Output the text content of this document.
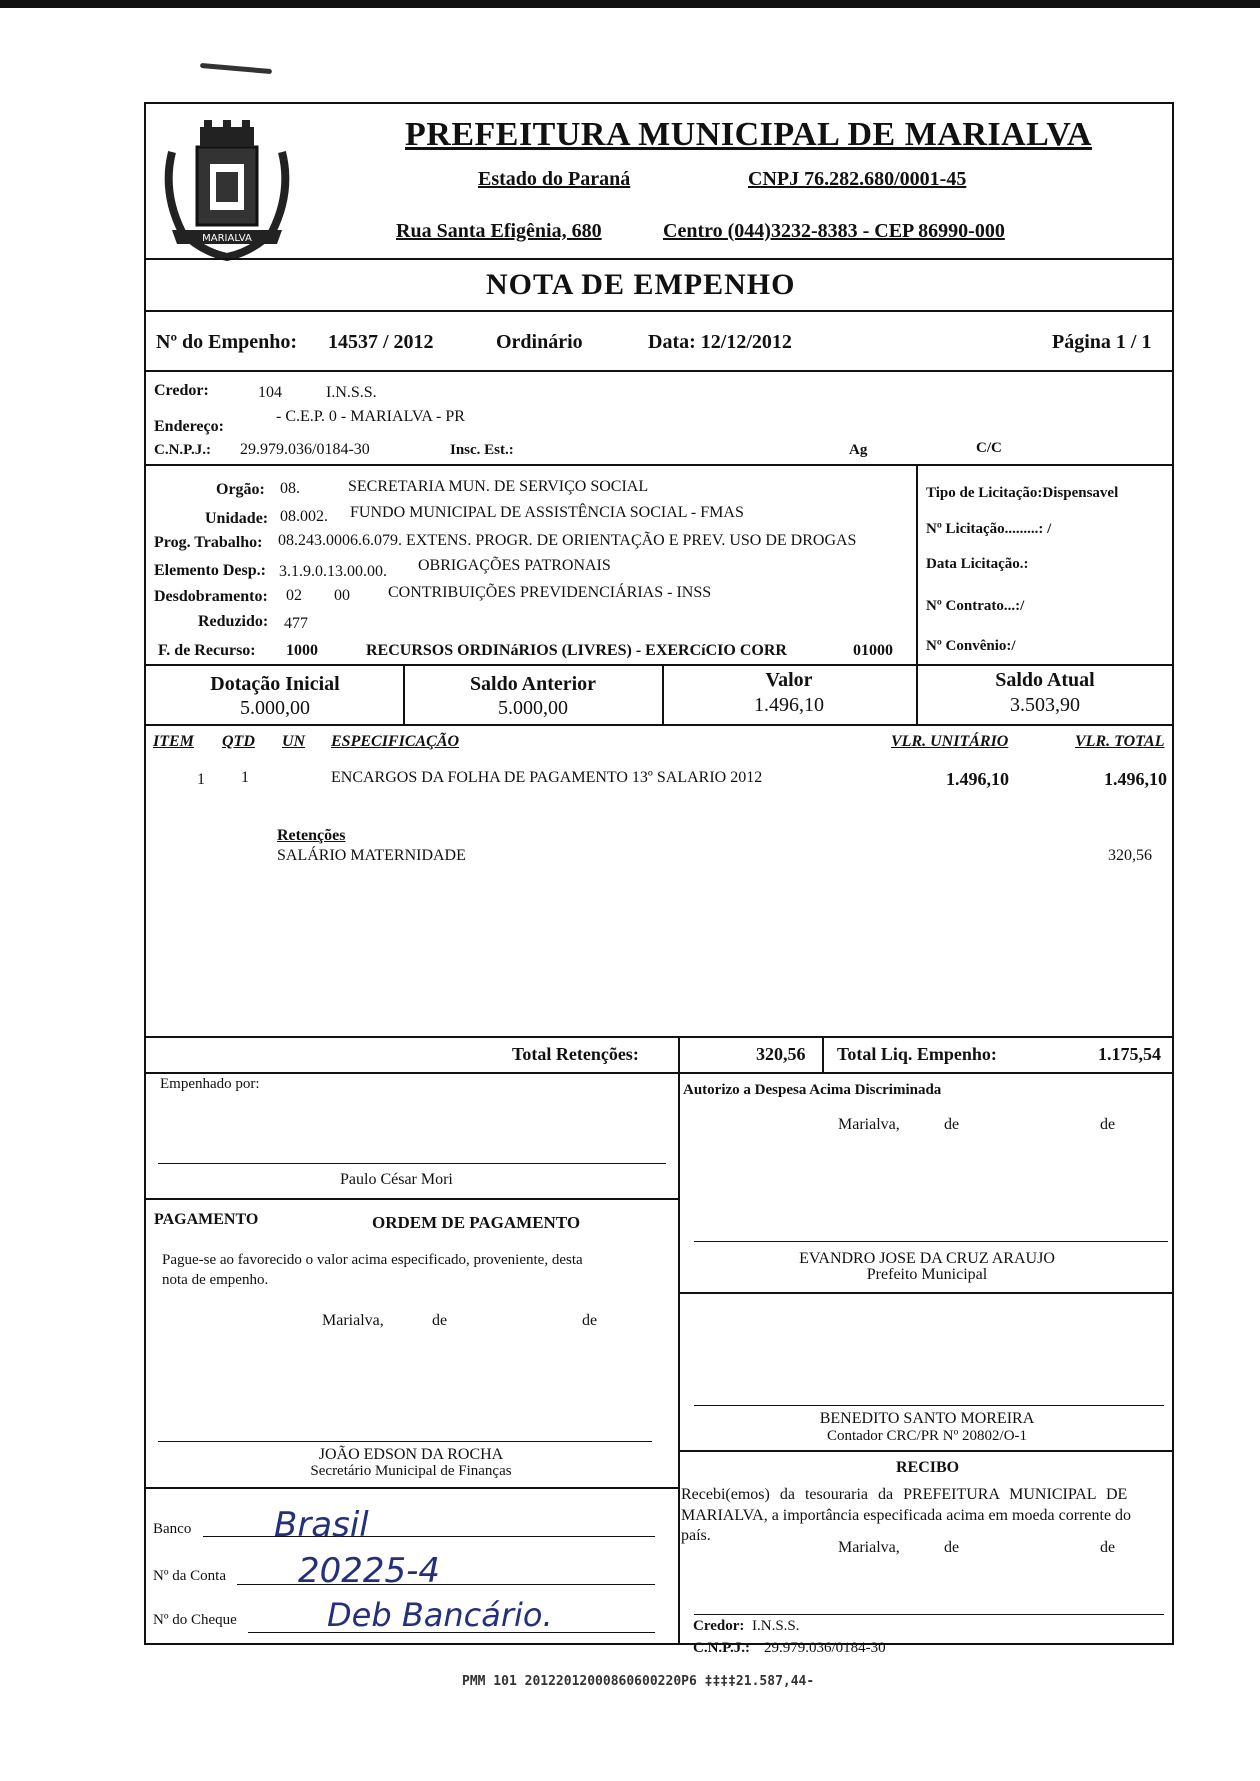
MARIALVA
PREFEITURA MUNICIPAL DE MARIALVA
Estado do Paraná	CNPJ 76.282.680/0001-45
Rua Santa Efigênia, 680	Centro (044)3232-8383 - CEP 86990-000
NOTA DE EMPENHO
Nº do Empenho: 14537 / 2012	Ordinário	Data: 12/12/2012	Página 1 / 1
Credor:	104	I.N.S.S.
Endereço:
- C.E.P. 0 - MARIALVA - PR
C.N.P.J.: 29.979.036/0184-30	Insc. Est.:	Ag	C/C
Orgão: 08.	SECRETARIA MUN. DE SERVIÇO SOCIAL
Unidade: 08.002. FUNDO MUNICIPAL DE ASSISTÊNCIA SOCIAL - FMAS
Prog. Trabalho: 08.243.0006.6.079. EXTENS. PROGR. DE ORIENTAÇÃO E PREV. USO DE DROGAS
Elemento Desp.: 3.1.9.0.13.00.00. OBRIGAÇÕES PATRONAIS
Desdobramento: 02 00 CONTRIBUIÇÕES PREVIDENCIÁRIAS - INSS
Reduzido: 477
F. de Recurso: 1000	RECURSOS ORDINáRIOS (LIVRES) - EXERCíCIO CORR	01000
Tipo de Licitação:Dispensavel
Nº Licitação.........: /
Data Licitação.:
Nº Contrato...:/
Nº Convênio:/
Dotação Inicial
5.000,00
Saldo Anterior
5.000,00
Valor
1.496,10
Saldo Atual
3.503,90
ITEM QTD UN ESPECIFICAÇÃO	VLR. UNITÁRIO	VLR. TOTAL
1 1	ENCARGOS DA FOLHA DE PAGAMENTO 13º SALARIO 2012	1.496,10	1.496,10
Retenções
SALÁRIO MATERNIDADE	320,56
Total Retenções:	320,56 Total Liq. Empenho:	1.175,54
Empenhado por:
Paulo César Mori
PAGAMENTO	ORDEM DE PAGAMENTO
Pague-se ao favorecido o valor acima especificado, proveniente, desta
nota de empenho.
Marialva,	de	de
JOÃO EDSON DA ROCHA
Secretário Municipal de Finanças
Banco Brasil
Nº da Conta 20225-4
Nº do Cheque	Deb Bancário.
Autorizo a Despesa Acima Discriminada
Marialva,	de	de
EVANDRO JOSE DA CRUZ ARAUJO
Prefeito Municipal
BENEDITO SANTO MOREIRA
Contador CRC/PR Nº 20802/O-1
RECIBO
Recebi(emos) da tesouraria da PREFEITURA MUNICIPAL DE
MARIALVA, a importância especificada acima em moeda corrente do
país.
Marialva,	de	de
Credor: I.N.S.S.
C.N.P.J.: 29.979.036/0184-30
PMM 101 20122012000860600220P6 ‡‡‡‡21.587,44-
